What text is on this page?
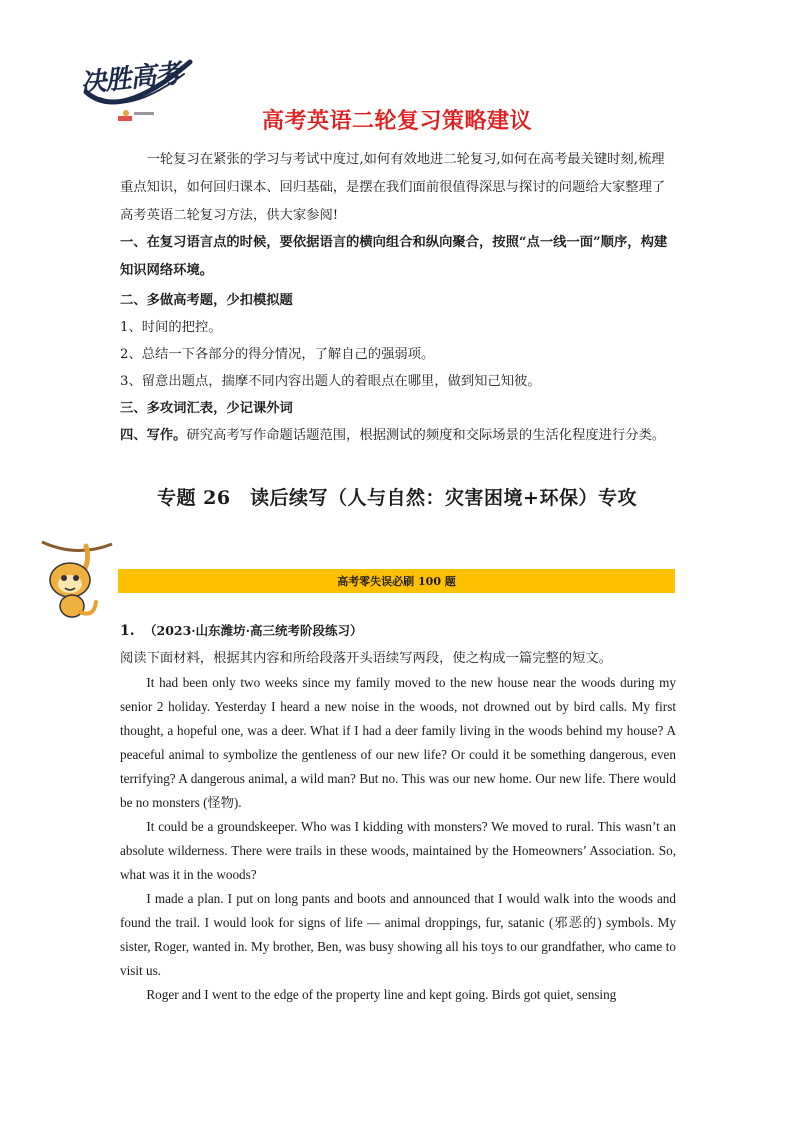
决胜高考
高考英语二轮复习策略建议
一轮复习在紧张的学习与考试中度过,如何有效地进二轮复习,如何在高考最关键时刻,梳理重点知识，如何回归课本、回归基础，是摆在我们面前很值得深思与探讨的问题给大家整理了高考英语二轮复习方法，供大家参阅!
一、在复习语言点的时候，要依据语言的横向组合和纵向聚合，按照“点一线一面”顺序，构建知识网络环境。
二、多做高考题，少扣模拟题
1、时间的把控。
2、总结一下各部分的得分情况，了解自己的强弱项。
3、留意出题点，揣摩不同内容出题人的着眼点在哪里，做到知己知彼。
三、多攻词汇表，少记课外词
四、写作。研究高考写作命题话题范围，根据测试的频度和交际场景的生活化程度进行分类。
专题 26　读后续写（人与自然：灾害困境+环保）专攻
高考零失误必刷 100 题
1. （2023·山东潍坊·高三统考阶段练习）
阅读下面材料，根据其内容和所给段落开头语续写两段，使之构成一篇完整的短文。

It had been only two weeks since my family moved to the new house near the woods during my senior 2 holiday. Yesterday I heard a new noise in the woods, not drowned out by bird calls. My first thought, a hopeful one, was a deer. What if I had a deer family living in the woods behind my house? A peaceful animal to symbolize the gentleness of our new life? Or could it be something dangerous, even terrifying? A dangerous animal, a wild man? But no. This was our new home. Our new life. There would be no monsters (怪物).

It could be a groundskeeper. Who was I kidding with monsters? We moved to rural. This wasn’t an absolute wilderness. There were trails in these woods, maintained by the Homeowners’ Association. So, what was it in the woods?

I made a plan. I put on long pants and boots and announced that I would walk into the woods and found the trail. I would look for signs of life — animal droppings, fur, satanic (邪恶的) symbols. My sister, Roger, wanted in. My brother, Ben, was busy showing all his toys to our grandfather, who came to visit us.

Roger and I went to the edge of the property line and kept going. Birds got quiet, sensing
